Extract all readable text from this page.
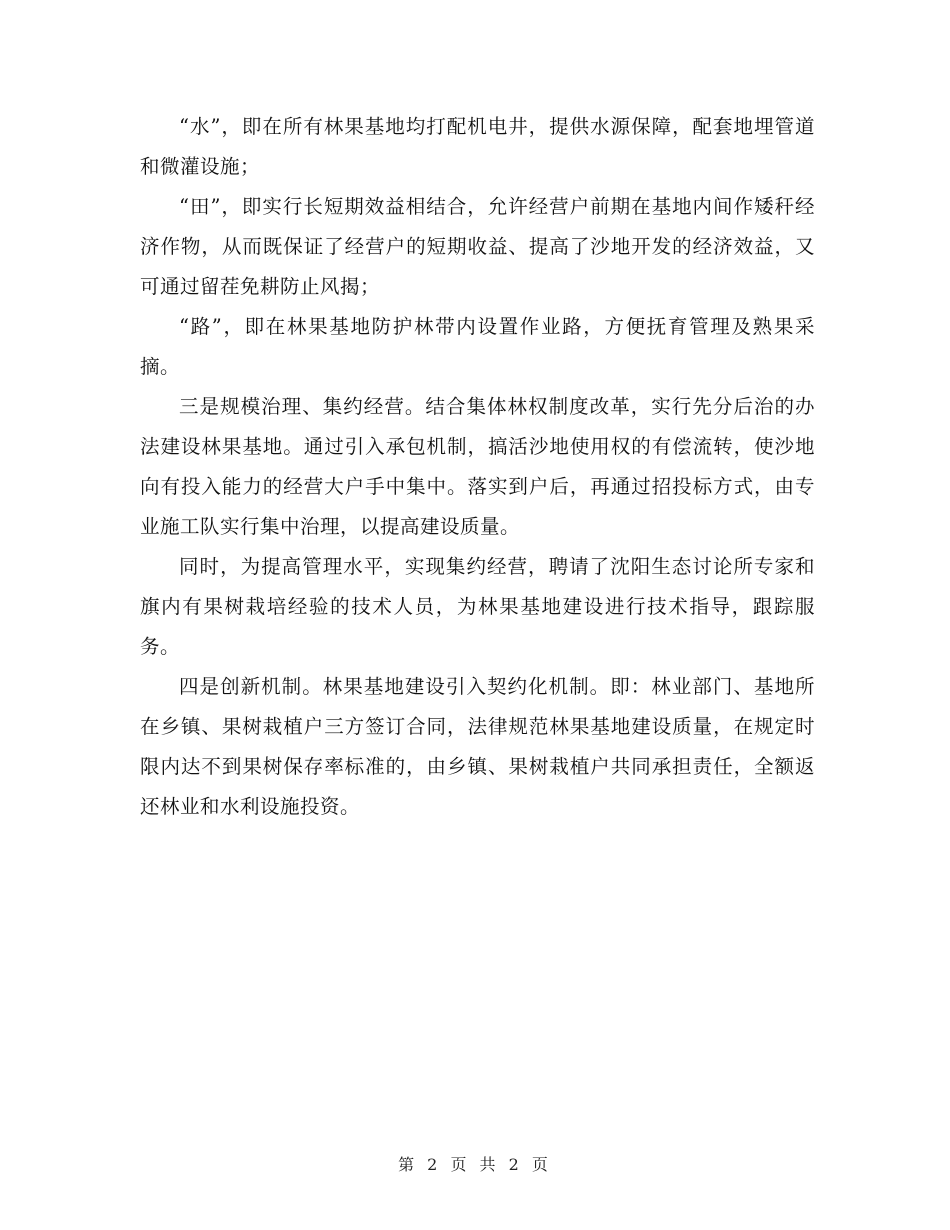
“水”，即在所有林果基地均打配机电井，提供水源保障，配套地埋管道和微灌设施；

“田”，即实行长短期效益相结合，允许经营户前期在基地内间作矮秆经济作物，从而既保证了经营户的短期收益、提高了沙地开发的经济效益，又可通过留茬免耕防止风揭；

“路”，即在林果基地防护林带内设置作业路，方便抚育管理及熟果采摘。

三是规模治理、集约经营。结合集体林权制度改革，实行先分后治的办法建设林果基地。通过引入承包机制，搞活沙地使用权的有偿流转，使沙地向有投入能力的经营大户手中集中。落实到户后，再通过招投标方式，由专业施工队实行集中治理，以提高建设质量。

同时，为提高管理水平，实现集约经营，聘请了沈阳生态讨论所专家和旗内有果树栽培经验的技术人员，为林果基地建设进行技术指导，跟踪服务。

四是创新机制。林果基地建设引入契约化机制。即：林业部门、基地所在乡镇、果树栽植户三方签订合同，法律规范林果基地建设质量，在规定时限内达不到果树保存率标准的，由乡镇、果树栽植户共同承担责任，全额返还林业和水利设施投资。

第 2 页 共 2 页
